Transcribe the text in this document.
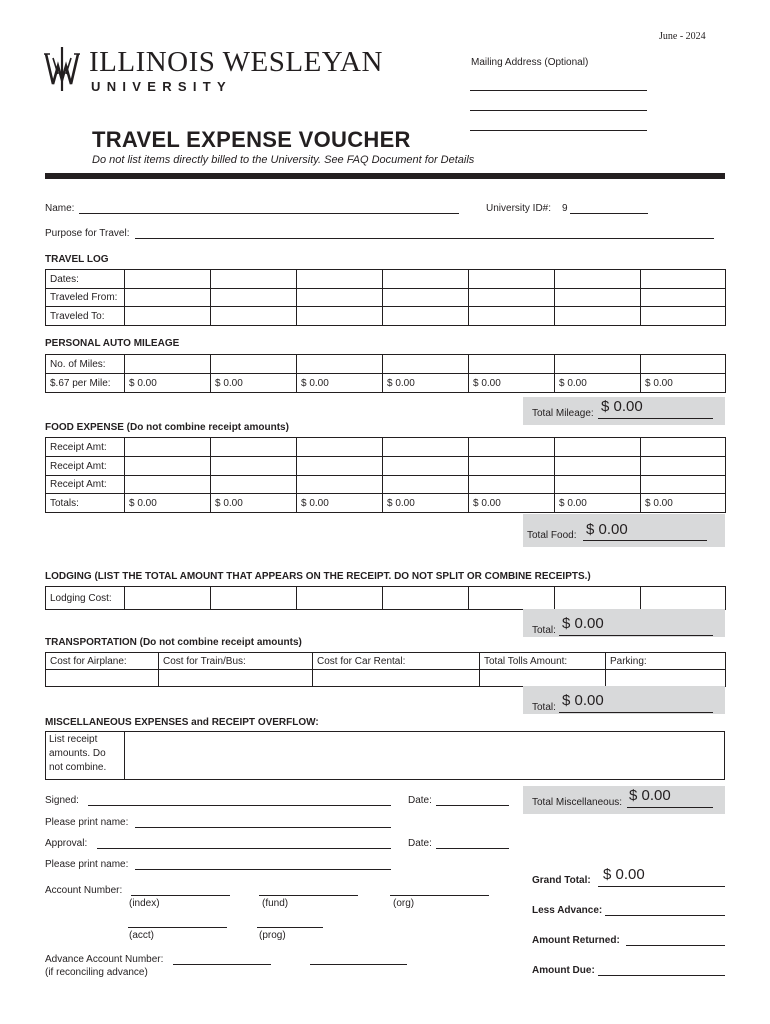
June - 2024
ILLINOIS WESLEYAN
UNIVERSITY
Mailing Address (Optional)
TRAVEL EXPENSE VOUCHER
Do not list items directly billed to the University. See FAQ Document for Details
Name:	University ID#: 9
Purpose for Travel:
TRAVEL LOG
Dates:							
Traveled From:							
Traveled To:							
PERSONAL AUTO MILEAGE
No. of Miles:							
$.67 per Mile:	$ 0.00	$ 0.00	$ 0.00	$ 0.00	$ 0.00	$ 0.00	$ 0.00
Total Mileage: $ 0.00
FOOD EXPENSE (Do not combine receipt amounts)
Receipt Amt:							
Receipt Amt:							
Receipt Amt:							
Totals:	$ 0.00	$ 0.00	$ 0.00	$ 0.00	$ 0.00	$ 0.00	$ 0.00
Total Food: $ 0.00
LODGING (LIST THE TOTAL AMOUNT THAT APPEARS ON THE RECEIPT. DO NOT SPLIT OR COMBINE RECEIPTS.)
Lodging Cost:							
Total: $ 0.00
TRANSPORTATION (Do not combine receipt amounts)
Cost for Airplane:	Cost for Train/Bus:	Cost for Car Rental:	Total Tolls Amount:	Parking:

Total: $ 0.00
MISCELLANEOUS EXPENSES and RECEIPT OVERFLOW:
List receipt
amounts. Do
not combine.
Total Miscellaneous: $ 0.00
Signed:	Date:
Please print name:
Approval:	Date:
Please print name:
Account Number:
(index)	(fund)	(org)
(acct)	(prog)
Advance Account Number:
(if reconciling advance)
Grand Total: $ 0.00
Less Advance:
Amount Returned:
Amount Due:
